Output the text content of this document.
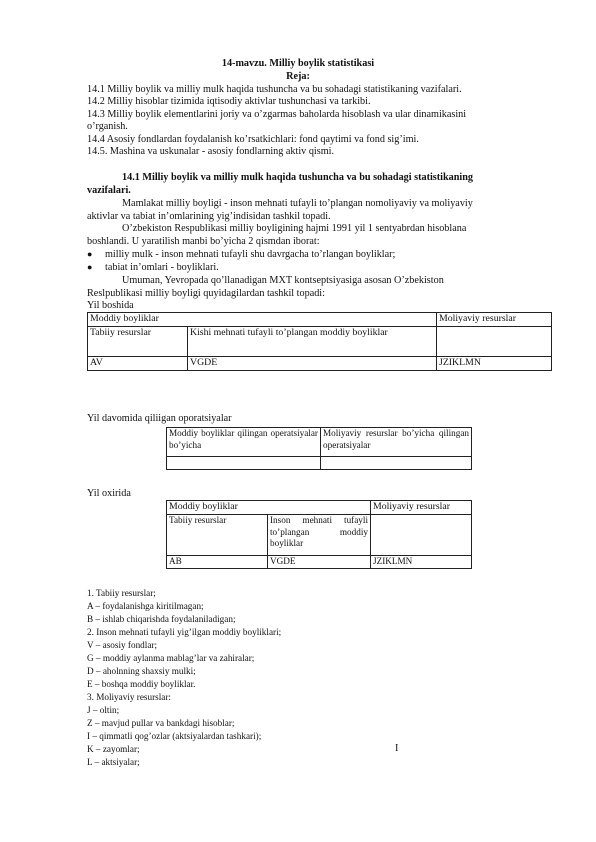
14-mavzu. Milliy boylik statistikasi
Reja:
14.1 Milliy boylik va milliy mulk haqida tushuncha va bu sohadagi statistikaning vazifalari.
14.2 Milliy hisoblar tizimida iqtisodiy aktivlar tushunchasi va tarkibi.
14.3 Milliy boylik elementlarini joriy va o’zgarmas baholarda hisoblash va ular dinamikasini
o’rganish.
14.4 Asosiy fondlardan foydalanish ko’rsatkichlari: fond qaytimi va fond sig’imi.
14.5. Mashina va uskunalar - asosiy fondlarning aktiv qismi.
14.1 Milliy boylik va milliy mulk haqida tushuncha va bu sohadagi statistikaning
vazifalari.
Mamlakat milliy boyligi - inson mehnati tufayli to’plangan nomoliyaviy va moliyaviy
aktivlar va tabiat in’omlarining yig’indisidan tashkil topadi.
O’zbekiston Respublikasi milliy boyligining hajmi 1991 yil 1 sentyabrdan hisoblana
boshlandi. U yaratilish manbi bo’yicha 2 qismdan iborat:
● milliy mulk - inson mehnati tufayli shu davrgacha to’rlangan boyliklar;
● tabiat in’omlari - boyliklari.
Umuman, Yevropada qo’llanadigan MXT kontseptsiyasiga asosan O’zbekiston
Reslpublikasi milliy boyligi quyidagilardan tashkil topadi:
Yil boshida
Moddiy boyliklar		Moliyaviy resurslar
Tabiiy resurslar	Kishi mehnati tufayli to’plangan moddiy boyliklar	
AV	VGDE	JZIKLMN
Yil davomida qiliigan oporatsiyalar
Moddiy boyliklar qilingan operatsiyalar bo’yicha	Moliyaviy resurslar bo’yicha qilingan operatsiyalar

Yil oxirida
Moddiy boyliklar		Moliyaviy resurslar
Tabiiy resurslar	Inson mehnati tufayli to’plangan moddiy boyliklar	
AB	VGDE	JZIKLMN
1. Tabiiy resurslar;
A – foydalanishga kiritilmagan;
B – ishlab chiqarishda foydalaniladigan;
2. Inson mehnati tufayli yig’ilgan moddiy boyliklari;
V – asosiy fondlar;
G – moddiy aylanma mablag’lar va zahiralar;
D – aholnning shaxsiy mulki;
E – boshqa moddiy boyliklar.
3. Moliyaviy resurslar:
J – oltin;
Z – mavjud pullar va bankdagi hisoblar;
I – qimmatli qog’ozlar (aktsiyalardan tashkari);
K – zayomlar;
L – aktsiyalar;
I
